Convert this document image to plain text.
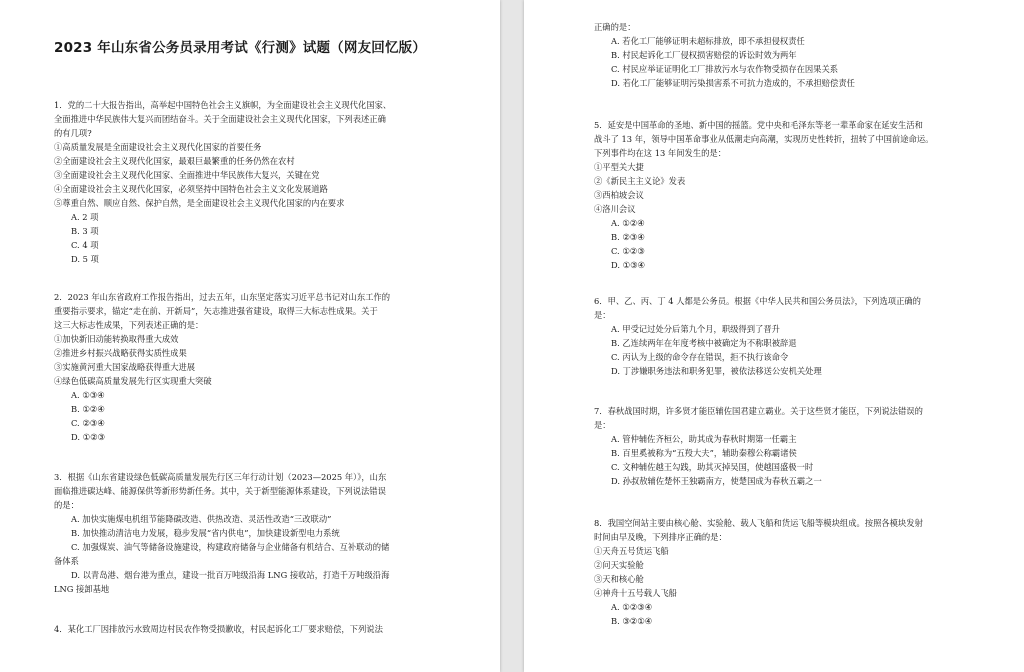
2023 年山东省公务员录用考试《行测》试题（网友回忆版）
1．党的二十大报告指出，高举起中国特色社会主义旗帜，为全面建设社会主义现代化国家、
全面推进中华民族伟大复兴而团结奋斗。关于全面建设社会主义现代化国家，下列表述正确
的有几项?
①高质量发展是全面建设社会主义现代化国家的首要任务
②全面建设社会主义现代化国家，最艰巨最繁重的任务仍然在农村
③全面建设社会主义现代化国家、全面推进中华民族伟大复兴，关键在党
④全面建设社会主义现代化国家，必须坚持中国特色社会主义文化发展道路
⑤尊重自然、顺应自然、保护自然，是全面建设社会主义现代化国家的内在要求
A. 2 项
B. 3 项
C. 4 项
D. 5 项
2．2023 年山东省政府工作报告指出，过去五年，山东坚定落实习近平总书记对山东工作的
重要指示要求，锚定“走在前、开新局”，矢志推进强省建设，取得三大标志性成果。关于
这三大标志性成果，下列表述正确的是：
①加快新旧动能转换取得重大成效
②推进乡村振兴战略获得实质性成果
③实施黄河重大国家战略获得重大进展
④绿色低碳高质量发展先行区实现重大突破
A. ①③④
B. ①②④
C. ②③④
D. ①②③
3．根据《山东省建设绿色低碳高质量发展先行区三年行动计划（2023—2025 年）》，山东
面临推进碳达峰、能源保供等新形势新任务。其中，关于新型能源体系建设，下列说法错误
的是：
A. 加快实施煤电机组节能降碳改造、供热改造、灵活性改造“三改联动”
B. 加快推动清洁电力发展，稳步发展“省内供电”，加快建设新型电力系统
C. 加强煤炭、油气等储备设施建设，构建政府储备与企业储备有机结合、互补联动的储
备体系
D. 以青岛港、烟台港为重点，建设一批百万吨级沿海 LNG 接收站，打造千万吨级沿海
LNG 接卸基地
4．某化工厂因排放污水致周边村民农作物受损歉收，村民起诉化工厂要求赔偿，下列说法
正确的是：
A. 若化工厂能够证明未超标排放，即不承担侵权责任
B. 村民起诉化工厂侵权损害赔偿的诉讼时效为两年
C. 村民应举证证明化工厂排放污水与农作物受损存在因果关系
D. 若化工厂能够证明污染损害系不可抗力造成的，不承担赔偿责任
5．延安是中国革命的圣地、新中国的摇篮。党中央和毛泽东等老一辈革命家在延安生活和
战斗了 13 年，领导中国革命事业从低潮走向高潮，实现历史性转折，扭转了中国前途命运。
下列事件均在这 13 年间发生的是：
①平型关大捷
②《新民主主义论》发表
③西柏坡会议
④洛川会议
A. ①②④
B. ②③④
C. ①②③
D. ①③④
6．甲、乙、丙、丁 4 人都是公务员。根据《中华人民共和国公务员法》，下列选项正确的
是：
A. 甲受记过处分后第九个月，职级得到了晋升
B. 乙连续两年在年度考核中被确定为不称职被辞退
C. 丙认为上级的命令存在错误，拒不执行该命令
D. 丁涉嫌职务违法和职务犯罪，被依法移送公安机关处理
7．春秋战国时期，许多贤才能臣辅佐国君建立霸业。关于这些贤才能臣，下列说法错误的
是：
A. 管仲辅佐齐桓公，助其成为春秋时期第一任霸主
B. 百里奚被称为“五羖大夫”，辅助秦穆公称霸诸侯
C. 文种辅佐越王勾践，助其灭掉吴国，使越国盛极一时
D. 孙叔敖辅佐楚怀王独霸南方，使楚国成为春秋五霸之一
8．我国空间站主要由核心舱、实验舱、载人飞船和货运飞船等模块组成。按照各模块发射
时间由早及晚，下列排序正确的是：
①天舟五号货运飞船
②问天实验舱
③天和核心舱
④神舟十五号载人飞船
A. ①②③④
B. ③②①④
